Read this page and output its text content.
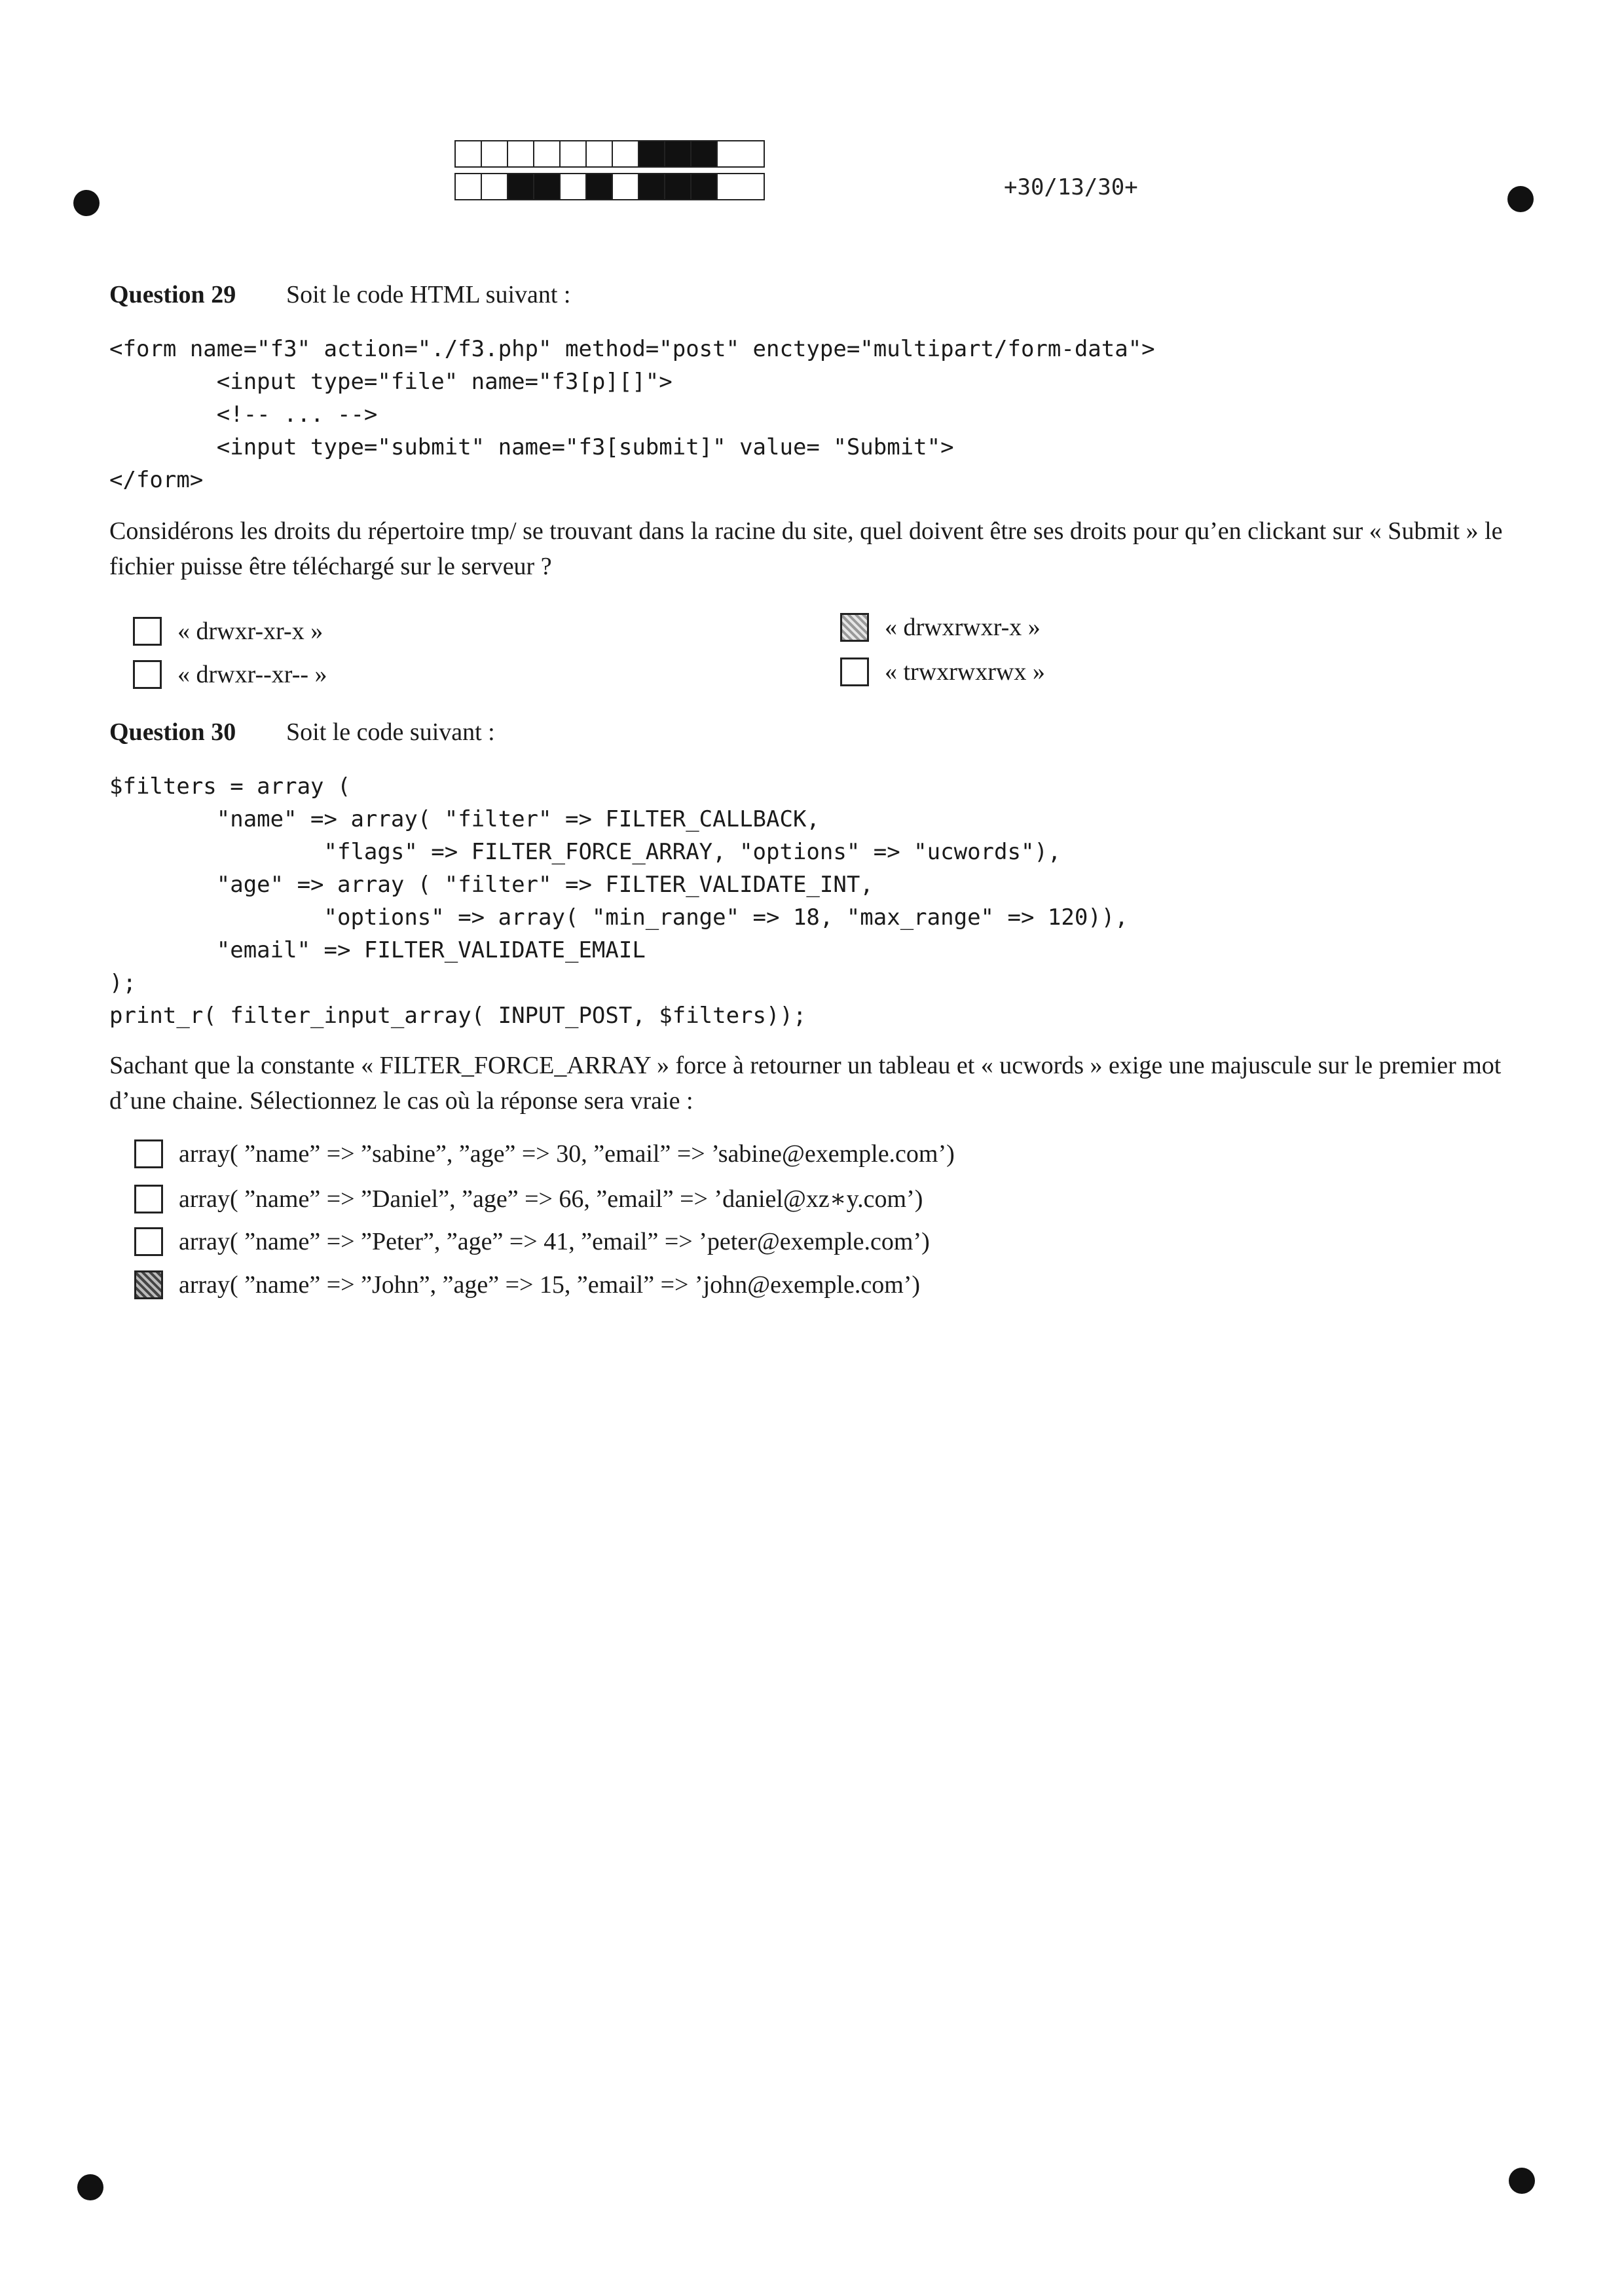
+30/13/30+
Question 29 Soit le code HTML suivant :
<form name="f3" action="./f3.php" method="post" enctype="multipart/form-data">
<input type="file" name="f3[p][]">
<!-- ... -->
<input type="submit" name="f3[submit]" value= "Submit">
</form>
Considérons les droits du répertoire tmp/ se trouvant dans la racine du site, quel doivent être ses droits pour qu’en clickant sur « Submit » le fichier puisse être téléchargé sur le serveur ?
« drwxr-xr-x »
« drwxr--xr-- »
« drwxrwxr-x »
« trwxrwxrwx »
Question 30 Soit le code suivant :
$filters = array (
"name" => array( "filter" => FILTER_CALLBACK,
"flags" => FILTER_FORCE_ARRAY, "options" => "ucwords"),
"age" => array ( "filter" => FILTER_VALIDATE_INT,
"options" => array( "min_range" => 18, "max_range" => 120)),
"email" => FILTER_VALIDATE_EMAIL
);
print_r( filter_input_array( INPUT_POST, $filters));
Sachant que la constante « FILTER_FORCE_ARRAY » force à retourner un tableau et « ucwords » exige une majuscule sur le premier mot d’une chaine. Sélectionnez le cas où la réponse sera vraie :
array( ”name” => ”sabine”, ”age” => 30, ”email” => ’sabine@exemple.com’)
array( ”name” => ”Daniel”, ”age” => 66, ”email” => ’daniel@xz∗y.com’)
array( ”name” => ”Peter”, ”age” => 41, ”email” => ’peter@exemple.com’)
array( ”name” => ”John”, ”age” => 15, ”email” => ’john@exemple.com’)
